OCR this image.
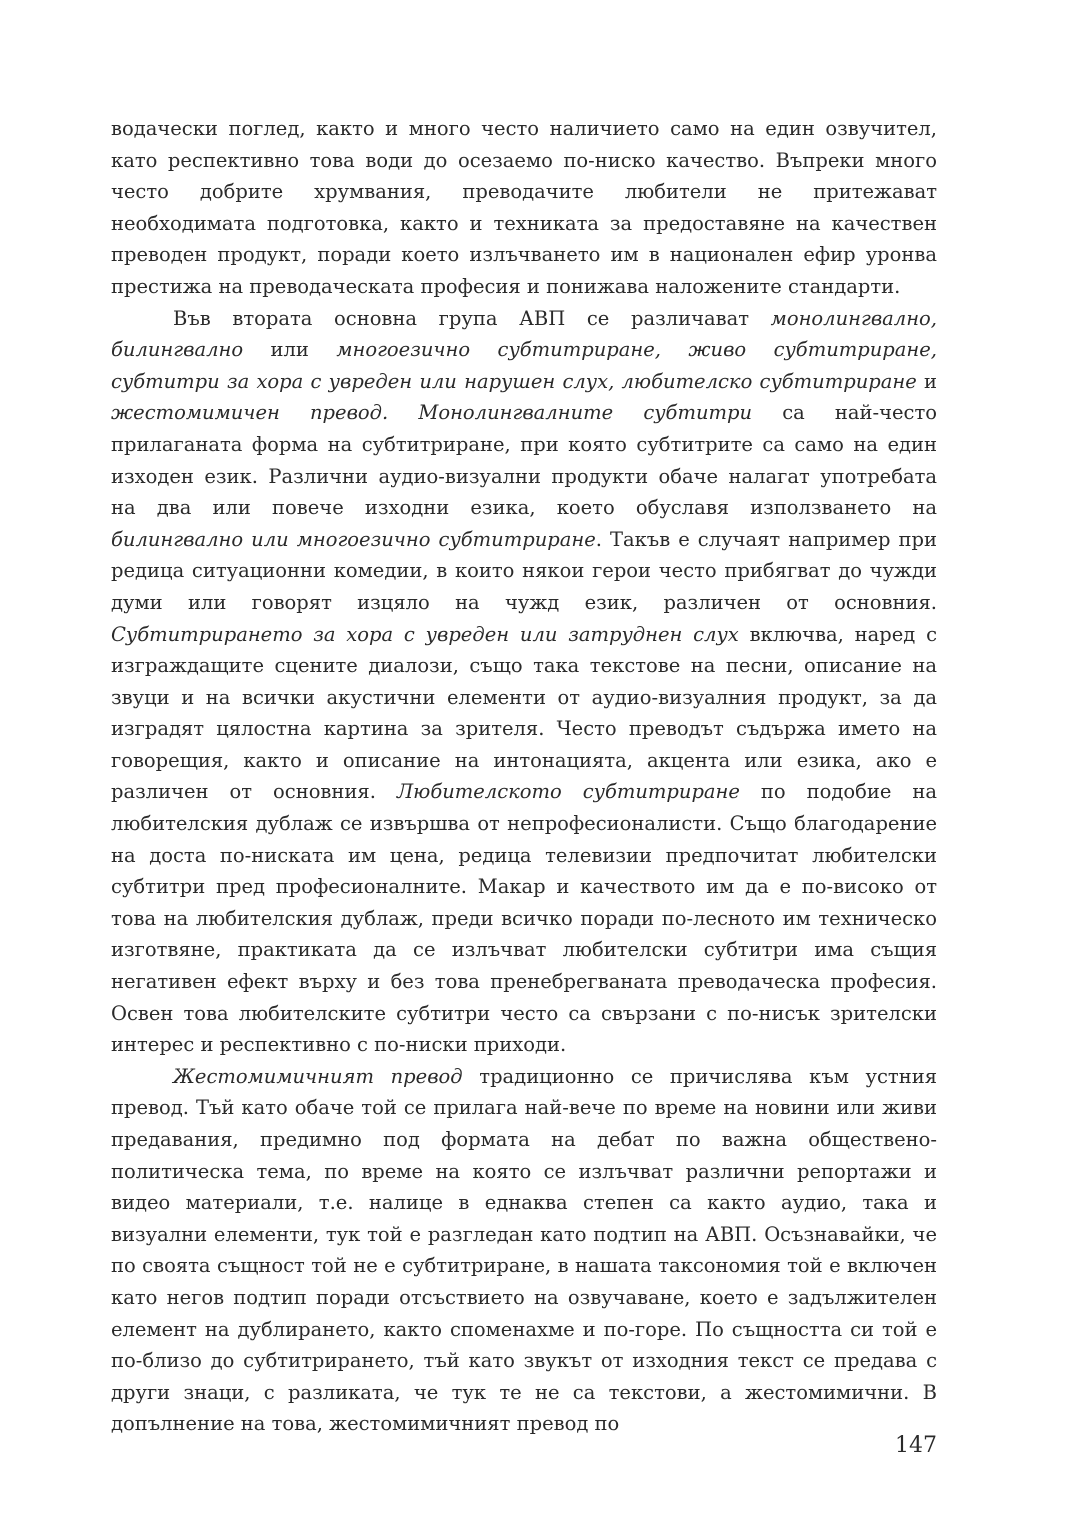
водачески поглед, както и много често наличието само на един озвучител, като респективно това води до осезаемо по-ниско качество. Въпреки много често добрите хрумвания, преводачите любители не притежават необходимата подготовка, както и техниката за предоставяне на качествен преводен продукт, поради което излъчването им в национален ефир уронва престижа на преводаческата професия и понижава наложените стандарти.

Във втората основна група АВП се различават монолингвално, билингвално или многоезично субтитриране, живо субтитриране, субтитри за хора с увреден или нарушен слух, любителско субтитриране и жестомимичен превод. Монолингвалните субтитри са най-често прилаганата форма на субтитриране, при която субтитрите са само на един изходен език. Различни аудио-визуални продукти обаче налагат употребата на два или повече изходни езика, което обуславя използването на билингвално или многоезично субтитриране. Такъв е случаят например при редица ситуационни комедии, в които някои герои често прибягват до чужди думи или говорят изцяло на чужд език, различен от основния. Субтитрирането за хора с увреден или затруднен слух включва, наред с изграждащите сцените диалози, също така текстове на песни, описание на звуци и на всички акустични елементи от аудио-визуалния продукт, за да изградят цялостна картина за зрителя. Често преводът съдържа името на говорещия, както и описание на интонацията, акцента или езика, ако е различен от основния. Любителското субтитриране по подобие на любителския дублаж се извършва от непрофесионалисти. Също благодарение на доста по-ниската им цена, редица телевизии предпочитат любителски субтитри пред професионалните. Макар и качеството им да е по-високо от това на любителския дублаж, преди всичко поради по-лесното им техническо изготвяне, практиката да се излъчват любителски субтитри има същия негативен ефект върху и без това пренебрегваната преводаческа професия. Освен това любителските субтитри често са свързани с по-нисък зрителски интерес и респективно с по-ниски приходи.

Жестомимичният превод традиционно се причислява към устния превод. Тъй като обаче той се прилага най-вече по време на новини или живи предавания, предимно под формата на дебат по важна обществено-политическа тема, по време на която се излъчват различни репортажи и видео материали, т.е. налице в еднаква степен са както аудио, така и визуални елементи, тук той е разгледан като подтип на АВП. Осъзнавайки, че по своята същност той не е субтитриране, в нашата таксономия той е включен като негов подтип поради отсъствието на озвучаване, което е задължителен елемент на дублирането, както споменахме и по-горе. По същността си той е по-близо до субтитрирането, тъй като звукът от изходния текст се предава с други знаци, с разликата, че тук те не са текстови, а жестомимични. В допълнение на това, жестомимичният превод по

147
